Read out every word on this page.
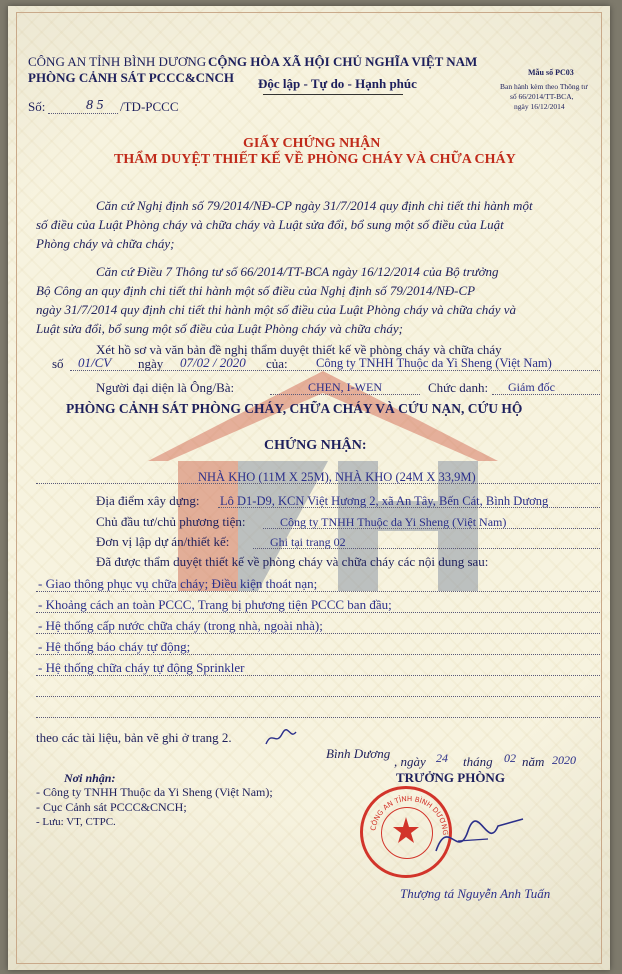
CÔNG AN TỈNH BÌNH DƯƠNG
PHÒNG CẢNH SÁT PCCC&CNCH
Số:	8 5 /TD-PCCC
CỘNG HÒA XÃ HỘI CHỦ NGHĨA VIỆT NAM
Độc lập - Tự do - Hạnh phúc
Mẫu số PC03
Ban hành kèm theo Thông tư
số 66/2014/TT-BCA,
ngày 16/12/2014
GIẤY CHỨNG NHẬN
THẨM DUYỆT THIẾT KẾ VỀ PHÒNG CHÁY VÀ CHỮA CHÁY
Căn cứ Nghị định số 79/2014/NĐ-CP ngày 31/7/2014 quy định chi tiết thi hành một
số điều của Luật Phòng cháy và chữa cháy và Luật sửa đổi, bổ sung một số điều của Luật
Phòng cháy và chữa cháy;
Căn cứ Điều 7 Thông tư số 66/2014/TT-BCA ngày 16/12/2014 của Bộ trưởng
Bộ Công an quy định chi tiết thi hành một số điều của Nghị định số 79/2014/NĐ-CP
ngày 31/7/2014 quy định chi tiết thi hành một số điều của Luật Phòng cháy và chữa cháy và
Luật sửa đổi, bổ sung một số điều của Luật Phòng cháy và chữa cháy;
Xét hồ sơ và văn bản đề nghị thẩm duyệt thiết kế về phòng cháy và chữa cháy
số 01/CV ngày 07/02 / 2020 của: Công ty TNHH Thuộc da Yi Sheng (Việt Nam)
Người đại diện là Ông/Bà:	CHEN, I-WEN	Chức danh: Giám đốc
PHÒNG CẢNH SÁT PHÒNG CHÁY, CHỮA CHÁY VÀ CỨU NẠN, CỨU HỘ
CHỨNG NHẬN:
NHÀ KHO (11M X 25M), NHÀ KHO (24M X 33,9M)
Địa điểm xây dựng: Lô D1-D9, KCN Việt Hương 2, xã An Tây, Bến Cát, Bình Dương
Chủ đầu tư/chủ phương tiện:	Công ty TNHH Thuộc da Yi Sheng (Việt Nam)
Đơn vị lập dự án/thiết kế:	Ghi tại trang 02
Đã được thẩm duyệt thiết kế về phòng cháy và chữa cháy các nội dung sau:
- Giao thông phục vụ chữa cháy; Điều kiện thoát nạn;
- Khoảng cách an toàn PCCC, Trang bị phương tiện PCCC ban đầu;
- Hệ thống cấp nước chữa cháy (trong nhà, ngoài nhà);
- Hệ thống báo cháy tự động;
- Hệ thống chữa cháy tự động Sprinkler
theo các tài liệu, bản vẽ ghi ở trang 2.
Bình Dương
, ngày 24 tháng 02 năm 2020
TRƯỞNG PHÒNG
Nơi nhận:
- Công ty TNHH Thuộc da Yi Sheng (Việt Nam);
- Cục Cảnh sát PCCC&CNCH;
- Lưu: VT, CTPC.
CÔNG AN TỈNH BÌNH DƯƠNG
Thượng tá Nguyễn Anh Tuấn
